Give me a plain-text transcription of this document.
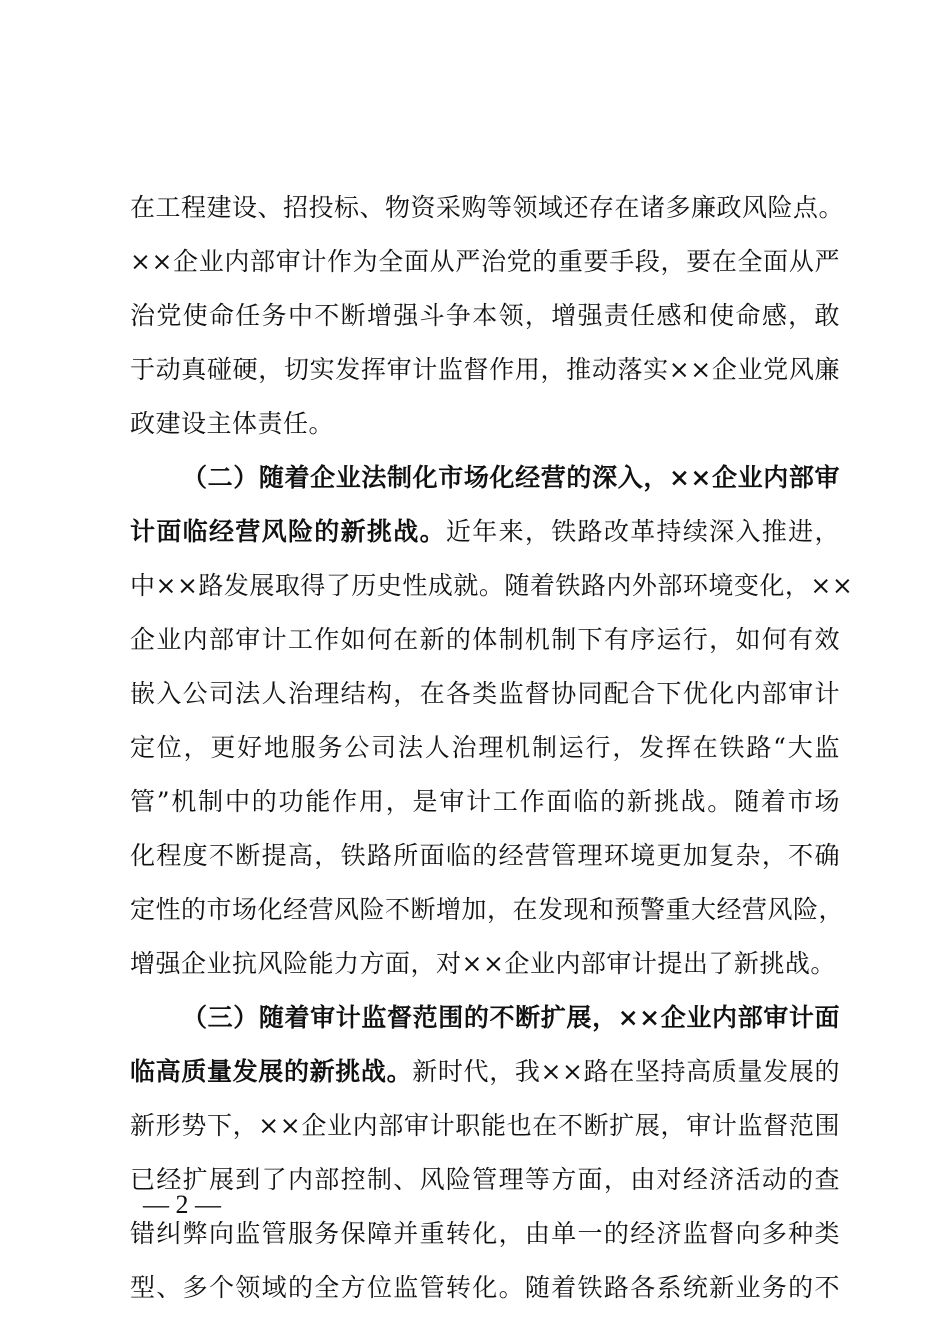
在工程建设、招投标、物资采购等领域还存在诸多廉政风险点。
××企业内部审计作为全面从严治党的重要手段，要在全面从严
治党使命任务中不断增强斗争本领，增强责任感和使命感，敢
于动真碰硬，切实发挥审计监督作用，推动落实××企业党风廉
政建设主体责任。
（二）随着企业法制化市场化经营的深入，××企业内部审
计面临经营风险的新挑战。近年来，铁路改革持续深入推进，
中××路发展取得了历史性成就。随着铁路内外部环境变化，××
企业内部审计工作如何在新的体制机制下有序运行，如何有效
嵌入公司法人治理结构，在各类监督协同配合下优化内部审计
定位，更好地服务公司法人治理机制运行，发挥在铁路“大监
管”机制中的功能作用，是审计工作面临的新挑战。随着市场
化程度不断提高，铁路所面临的经营管理环境更加复杂，不确
定性的市场化经营风险不断增加，在发现和预警重大经营风险，
增强企业抗风险能力方面，对××企业内部审计提出了新挑战。
（三）随着审计监督范围的不断扩展，××企业内部审计面
临高质量发展的新挑战。新时代，我××路在坚持高质量发展的
新形势下，××企业内部审计职能也在不断扩展，审计监督范围
已经扩展到了内部控制、风险管理等方面，由对经济活动的查
错纠弊向监管服务保障并重转化，由单一的经济监督向多种类
型、多个领域的全方位监管转化。随着铁路各系统新业务的不
— 2 —
